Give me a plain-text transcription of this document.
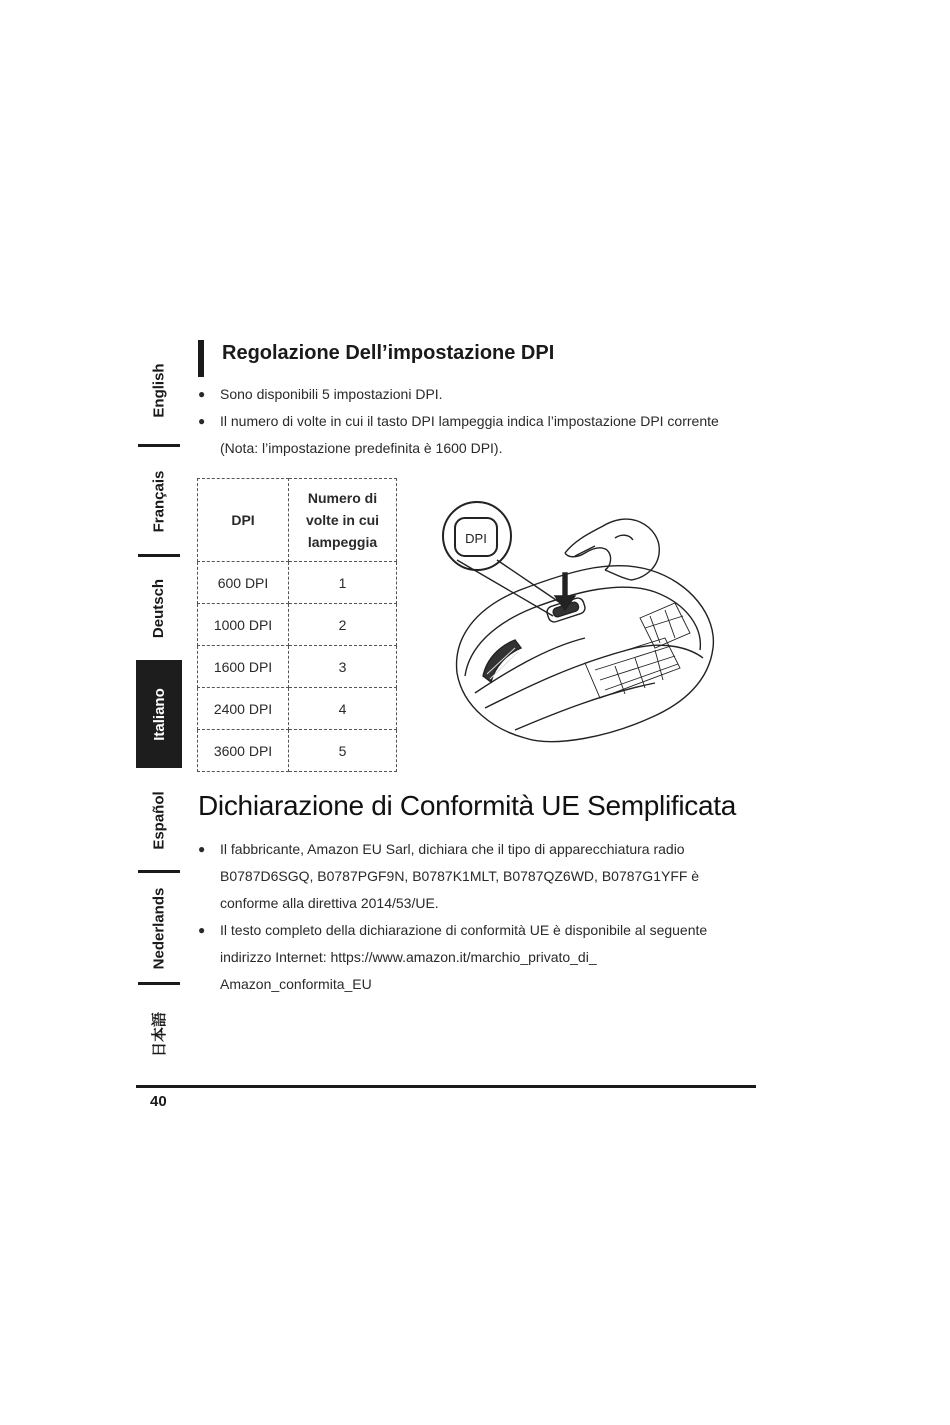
English
Français
Deutsch
Italiano
Español
Nederlands
日本語
Regolazione Dell’impostazione DPI
● Sono disponibili 5 impostazioni DPI.
● Il numero di volte in cui il tasto DPI lampeggia indica l’impostazione DPI corrente (Nota: l’impostazione predefinita è 1600 DPI).
DPI	Numero di volte in cui lampeggia

600 DPI	1
1000 DPI	2
1600 DPI	3
2400 DPI	4
3600 DPI	5
DPI
Dichiarazione di Conformità UE Semplificata
● Il fabbricante, Amazon EU Sarl, dichiara che il tipo di apparecchiatura radio B0787D6SGQ, B0787PGF9N, B0787K1MLT, B0787QZ6WD, B0787G1YFF è conforme alla direttiva 2014/53/UE.
● Il testo completo della dichiarazione di conformità UE è disponibile al seguente indirizzo Internet: https://www.amazon.it/marchio_privato_di_ Amazon_conformita_EU
40
